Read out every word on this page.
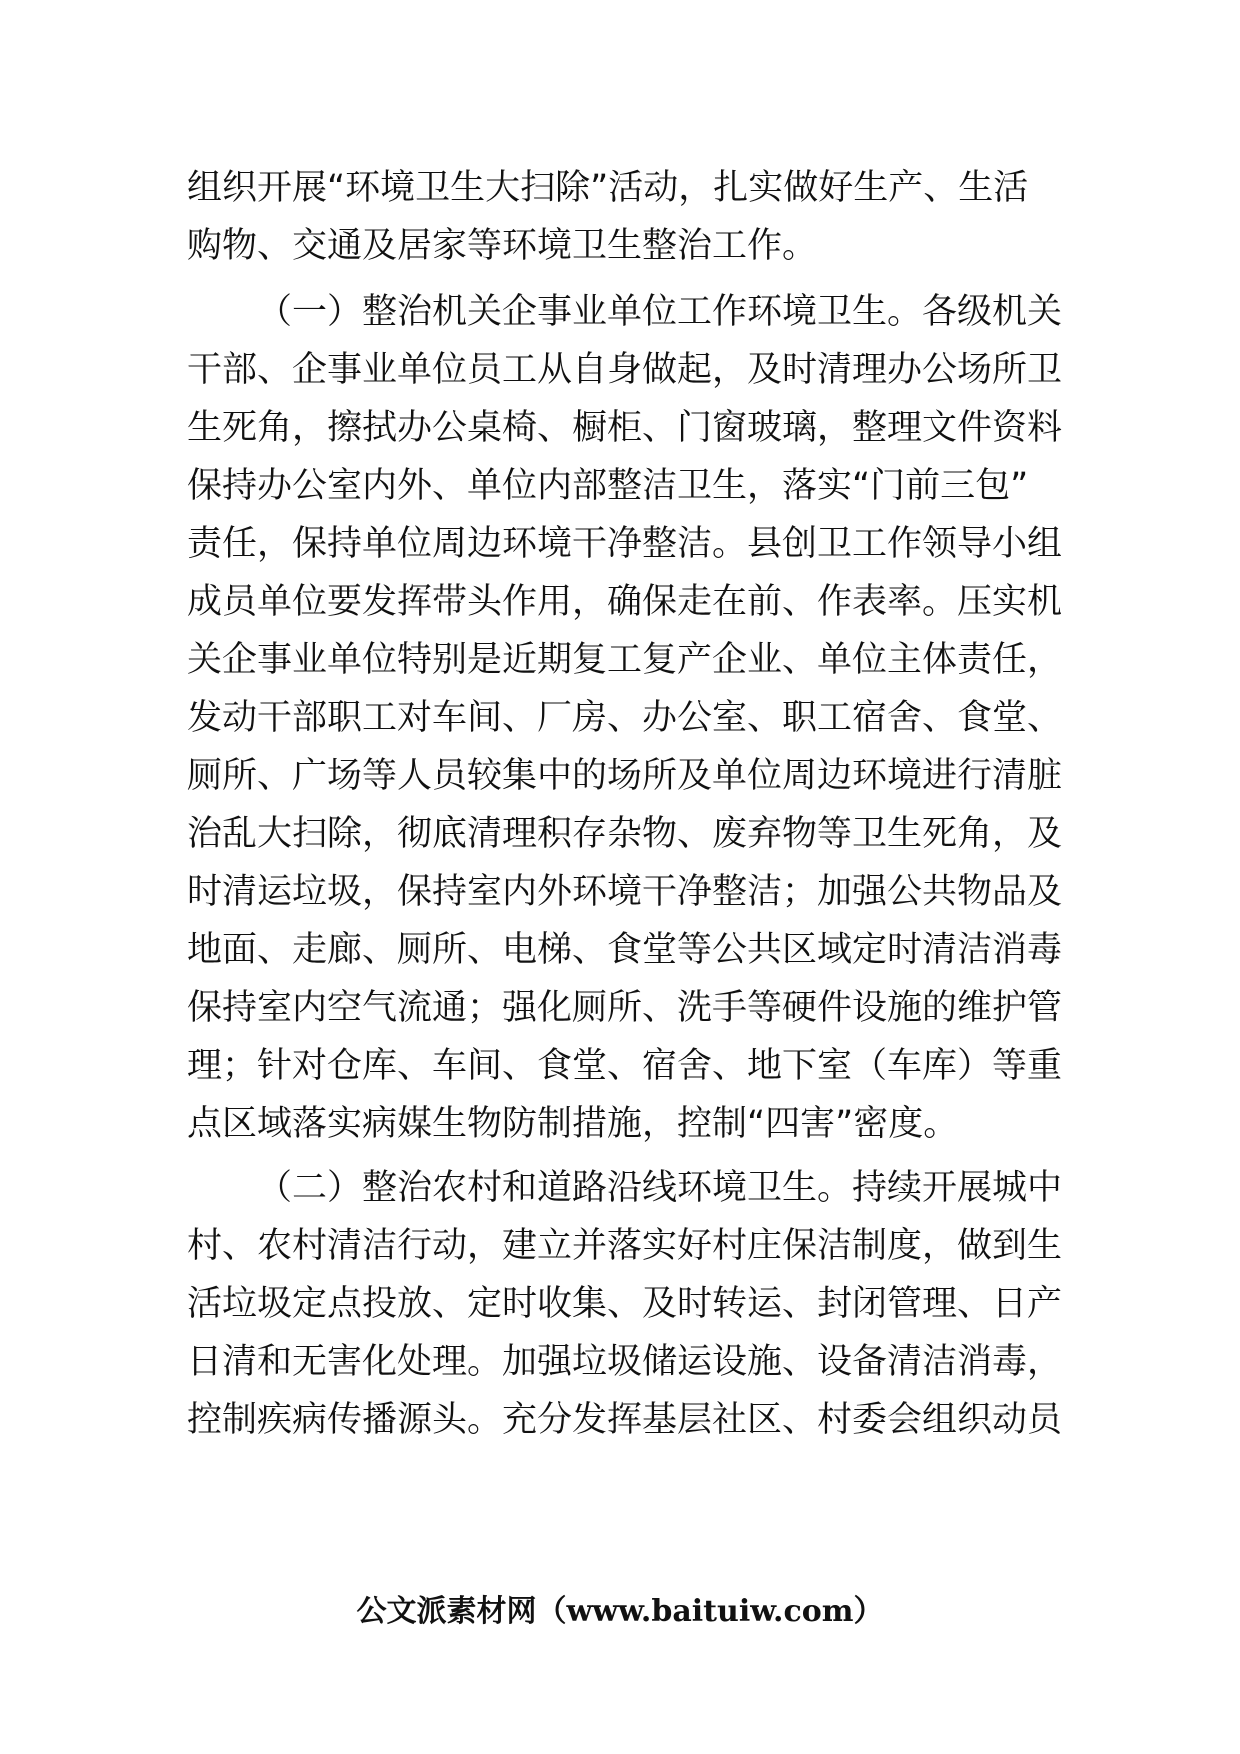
组织开展“环境卫生大扫除”活动，扎实做好生产、生活
购物、交通及居家等环境卫生整治工作。
（一）整治机关企事业单位工作环境卫生。各级机关
干部、企事业单位员工从自身做起，及时清理办公场所卫
生死角，擦拭办公桌椅、橱柜、门窗玻璃，整理文件资料
保持办公室内外、单位内部整洁卫生，落实“门前三包”
责任，保持单位周边环境干净整洁。县创卫工作领导小组
成员单位要发挥带头作用，确保走在前、作表率。压实机
关企事业单位特别是近期复工复产企业、单位主体责任，
发动干部职工对车间、厂房、办公室、职工宿舍、食堂、
厕所、广场等人员较集中的场所及单位周边环境进行清脏
治乱大扫除，彻底清理积存杂物、废弃物等卫生死角，及
时清运垃圾，保持室内外环境干净整洁；加强公共物品及
地面、走廊、厕所、电梯、食堂等公共区域定时清洁消毒
保持室内空气流通；强化厕所、洗手等硬件设施的维护管
理；针对仓库、车间、食堂、宿舍、地下室（车库）等重
点区域落实病媒生物防制措施，控制“四害”密度。
（二）整治农村和道路沿线环境卫生。持续开展城中
村、农村清洁行动，建立并落实好村庄保洁制度，做到生
活垃圾定点投放、定时收集、及时转运、封闭管理、日产
日清和无害化处理。加强垃圾储运设施、设备清洁消毒，
控制疾病传播源头。充分发挥基层社区、村委会组织动员
公文派素材网（www.baituiw.com）
